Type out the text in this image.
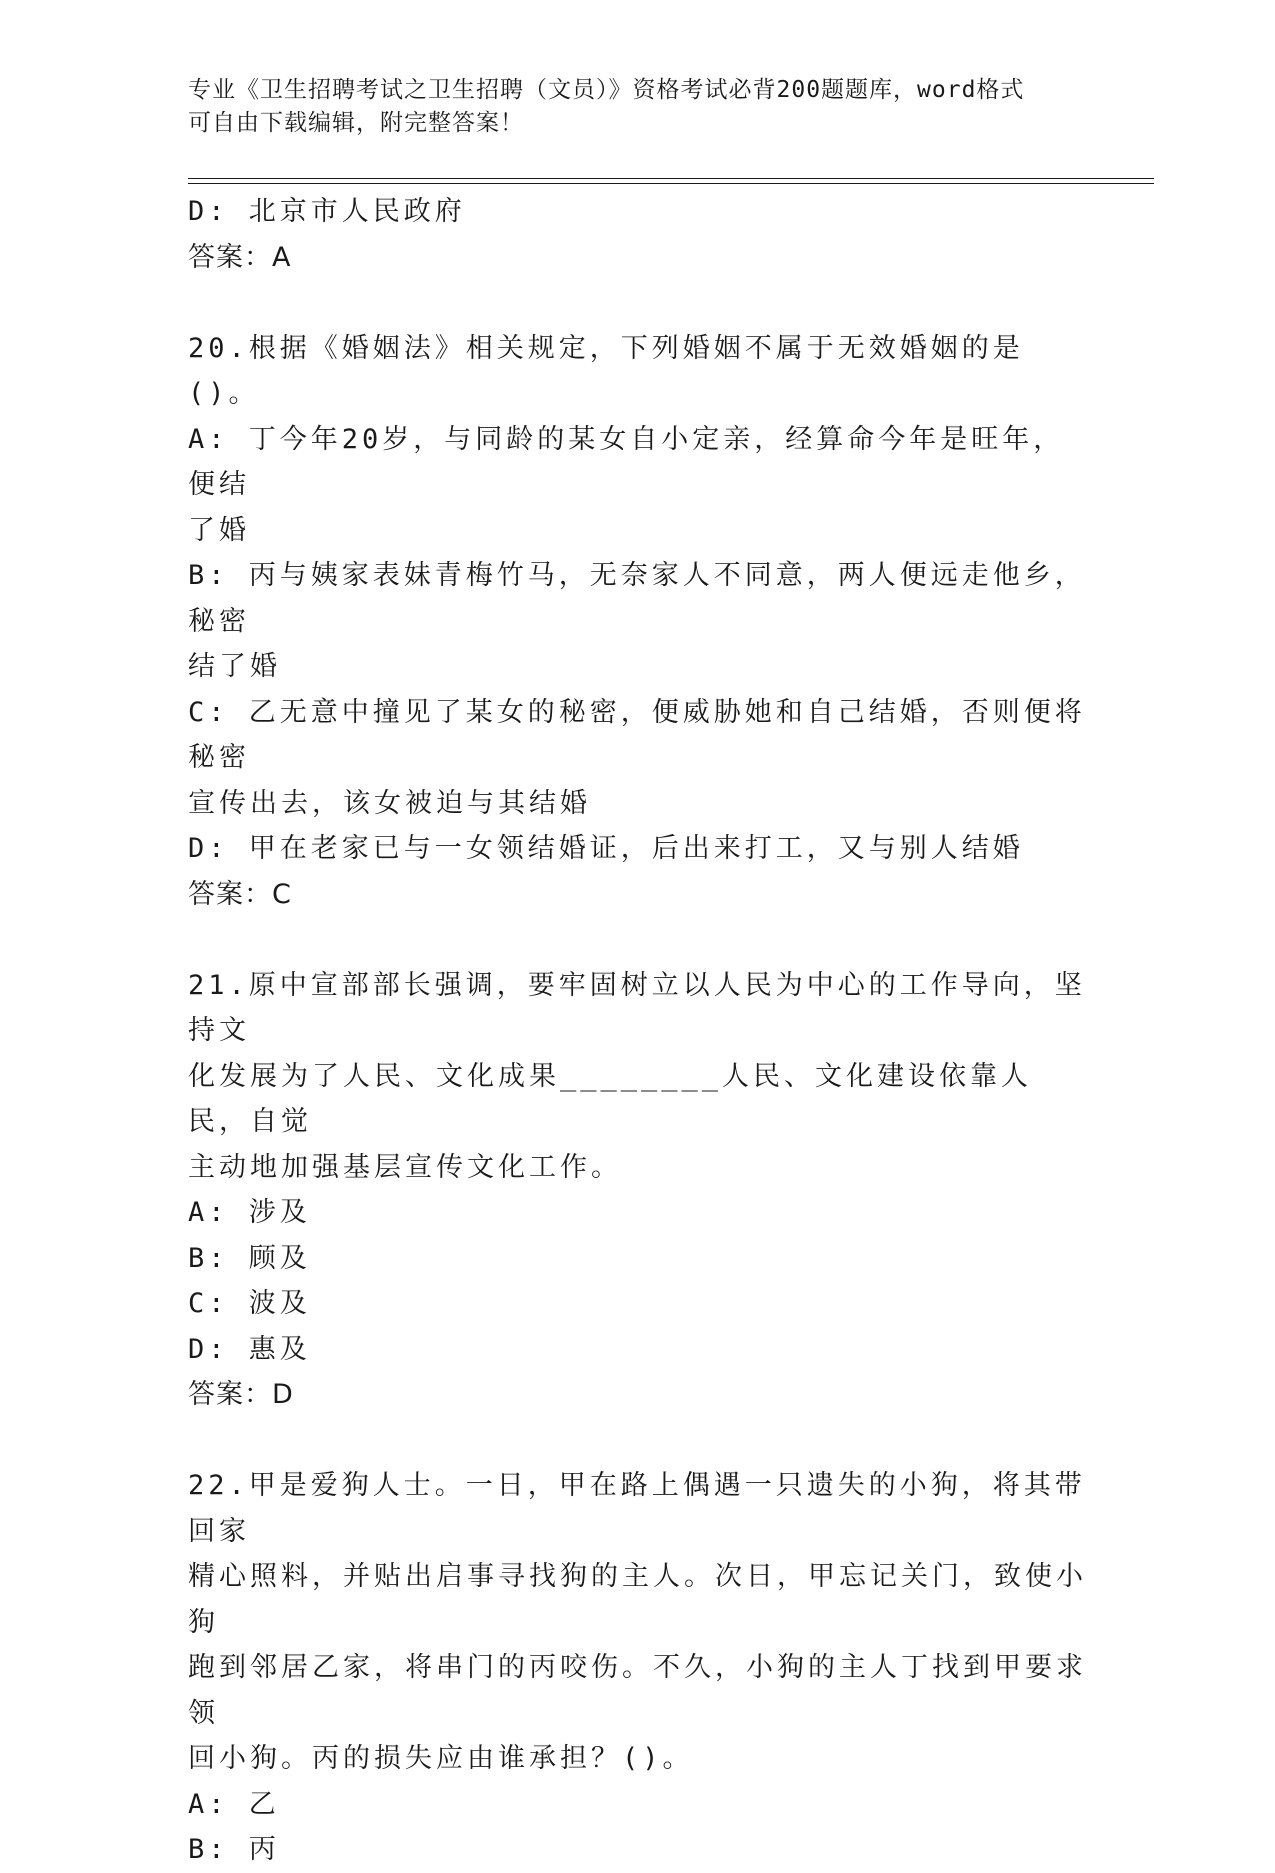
专业《卫生招聘考试之卫生招聘（文员）》资格考试必背200题题库，word格式
可自由下载编辑，附完整答案！
D: 北京市人民政府
答案：A
20.根据《婚姻法》相关规定，下列婚姻不属于无效婚姻的是()。
A: 丁今年20岁，与同龄的某女自小定亲，经算命今年是旺年，便结
了婚
B: 丙与姨家表妹青梅竹马，无奈家人不同意，两人便远走他乡，秘密
结了婚
C: 乙无意中撞见了某女的秘密，便威胁她和自己结婚，否则便将秘密
宣传出去，该女被迫与其结婚
D: 甲在老家已与一女领结婚证，后出来打工，又与别人结婚
答案：C
21.原中宣部部长强调，要牢固树立以人民为中心的工作导向，坚持文
化发展为了人民、文化成果________人民、文化建设依靠人民，自觉
主动地加强基层宣传文化工作。
A: 涉及
B: 顾及
C: 波及
D: 惠及
答案：D
22.甲是爱狗人士。一日，甲在路上偶遇一只遗失的小狗，将其带回家
精心照料，并贴出启事寻找狗的主人。次日，甲忘记关门，致使小狗
跑到邻居乙家，将串门的丙咬伤。不久，小狗的主人丁找到甲要求领
回小狗。丙的损失应由谁承担？()。
A: 乙
B: 丙
